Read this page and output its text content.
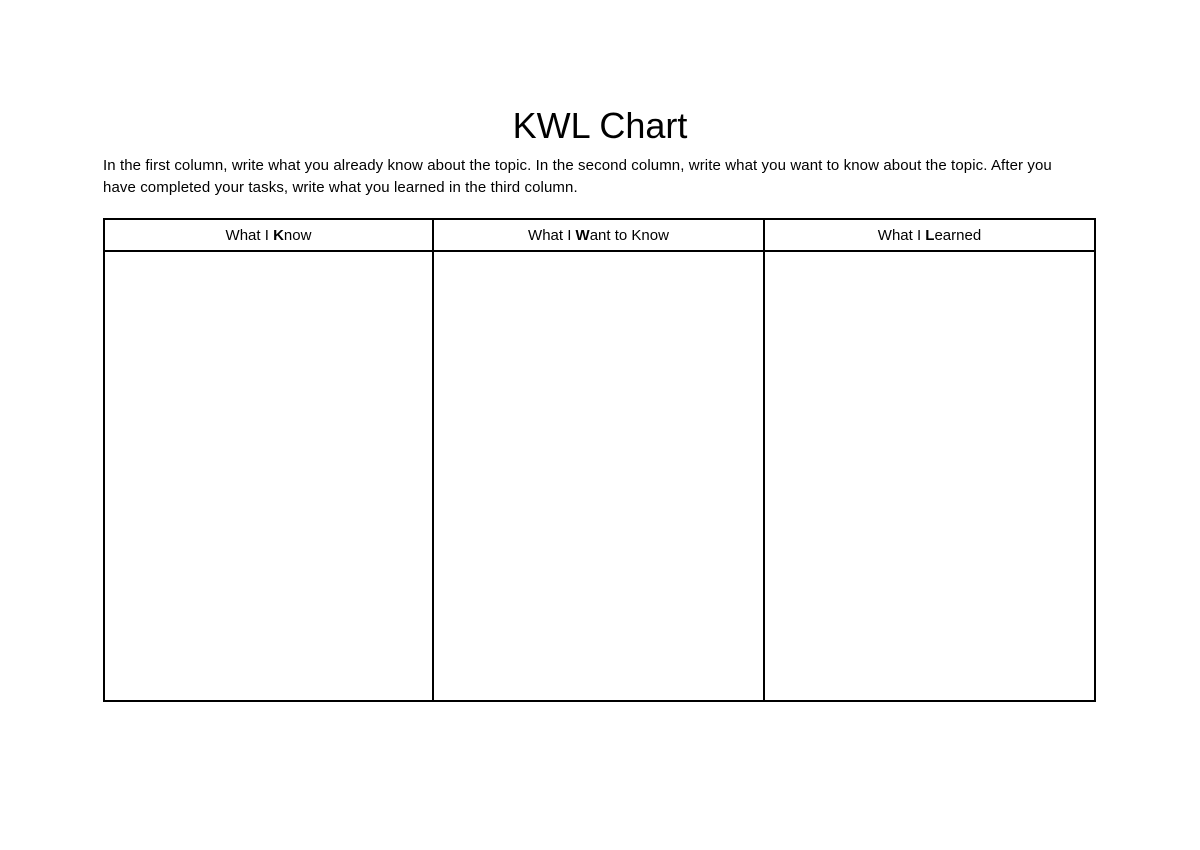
KWL Chart

In the first column, write what you already know about the topic. In the second column, write what you want to know about the topic. After you
have completed your tasks, write what you learned in the third column.

What I Know	What I Want to Know	What I Learned
